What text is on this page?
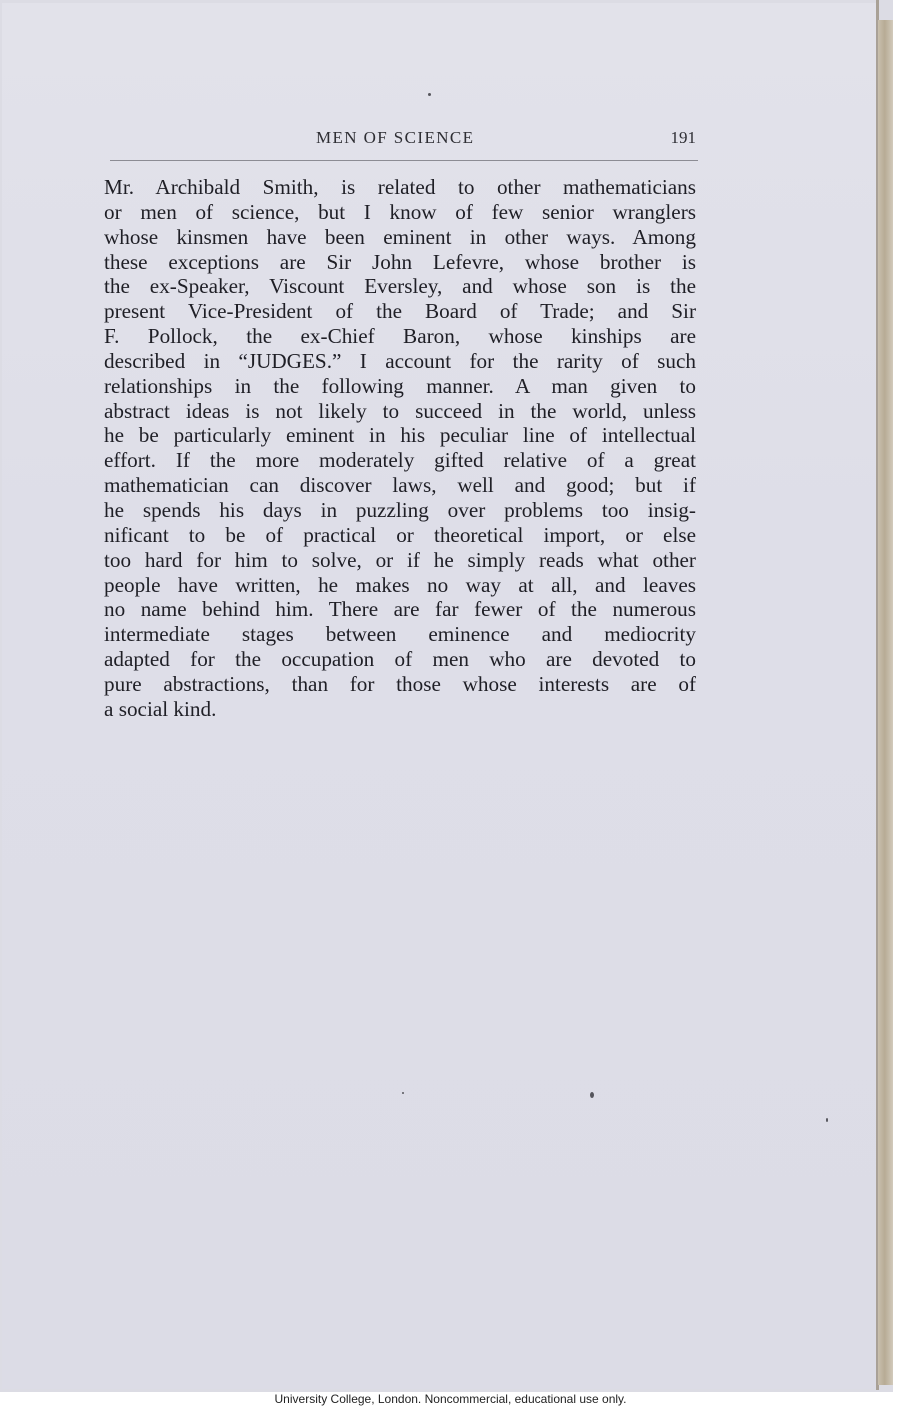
MEN OF SCIENCE	191
Mr. Archibald Smith, is related to other mathematicians
or men of science, but I know of few senior wranglers
whose kinsmen have been eminent in other ways. Among
these exceptions are Sir John Lefevre, whose brother is
the ex-Speaker, Viscount Eversley, and whose son is the
present Vice-President of the Board of Trade; and Sir
F. Pollock, the ex-Chief Baron, whose kinships are
described in “JUDGES.” I account for the rarity of such
relationships in the following manner. A man given to
abstract ideas is not likely to succeed in the world, unless
he be particularly eminent in his peculiar line of intellectual
effort. If the more moderately gifted relative of a great
mathematician can discover laws, well and good; but if
he spends his days in puzzling over problems too insig-
nificant to be of practical or theoretical import, or else
too hard for him to solve, or if he simply reads what other
people have written, he makes no way at all, and leaves
no name behind him. There are far fewer of the numerous
intermediate stages between eminence and mediocrity
adapted for the occupation of men who are devoted to
pure abstractions, than for those whose interests are of
a social kind.
University College, London. Noncommercial, educational use only.
